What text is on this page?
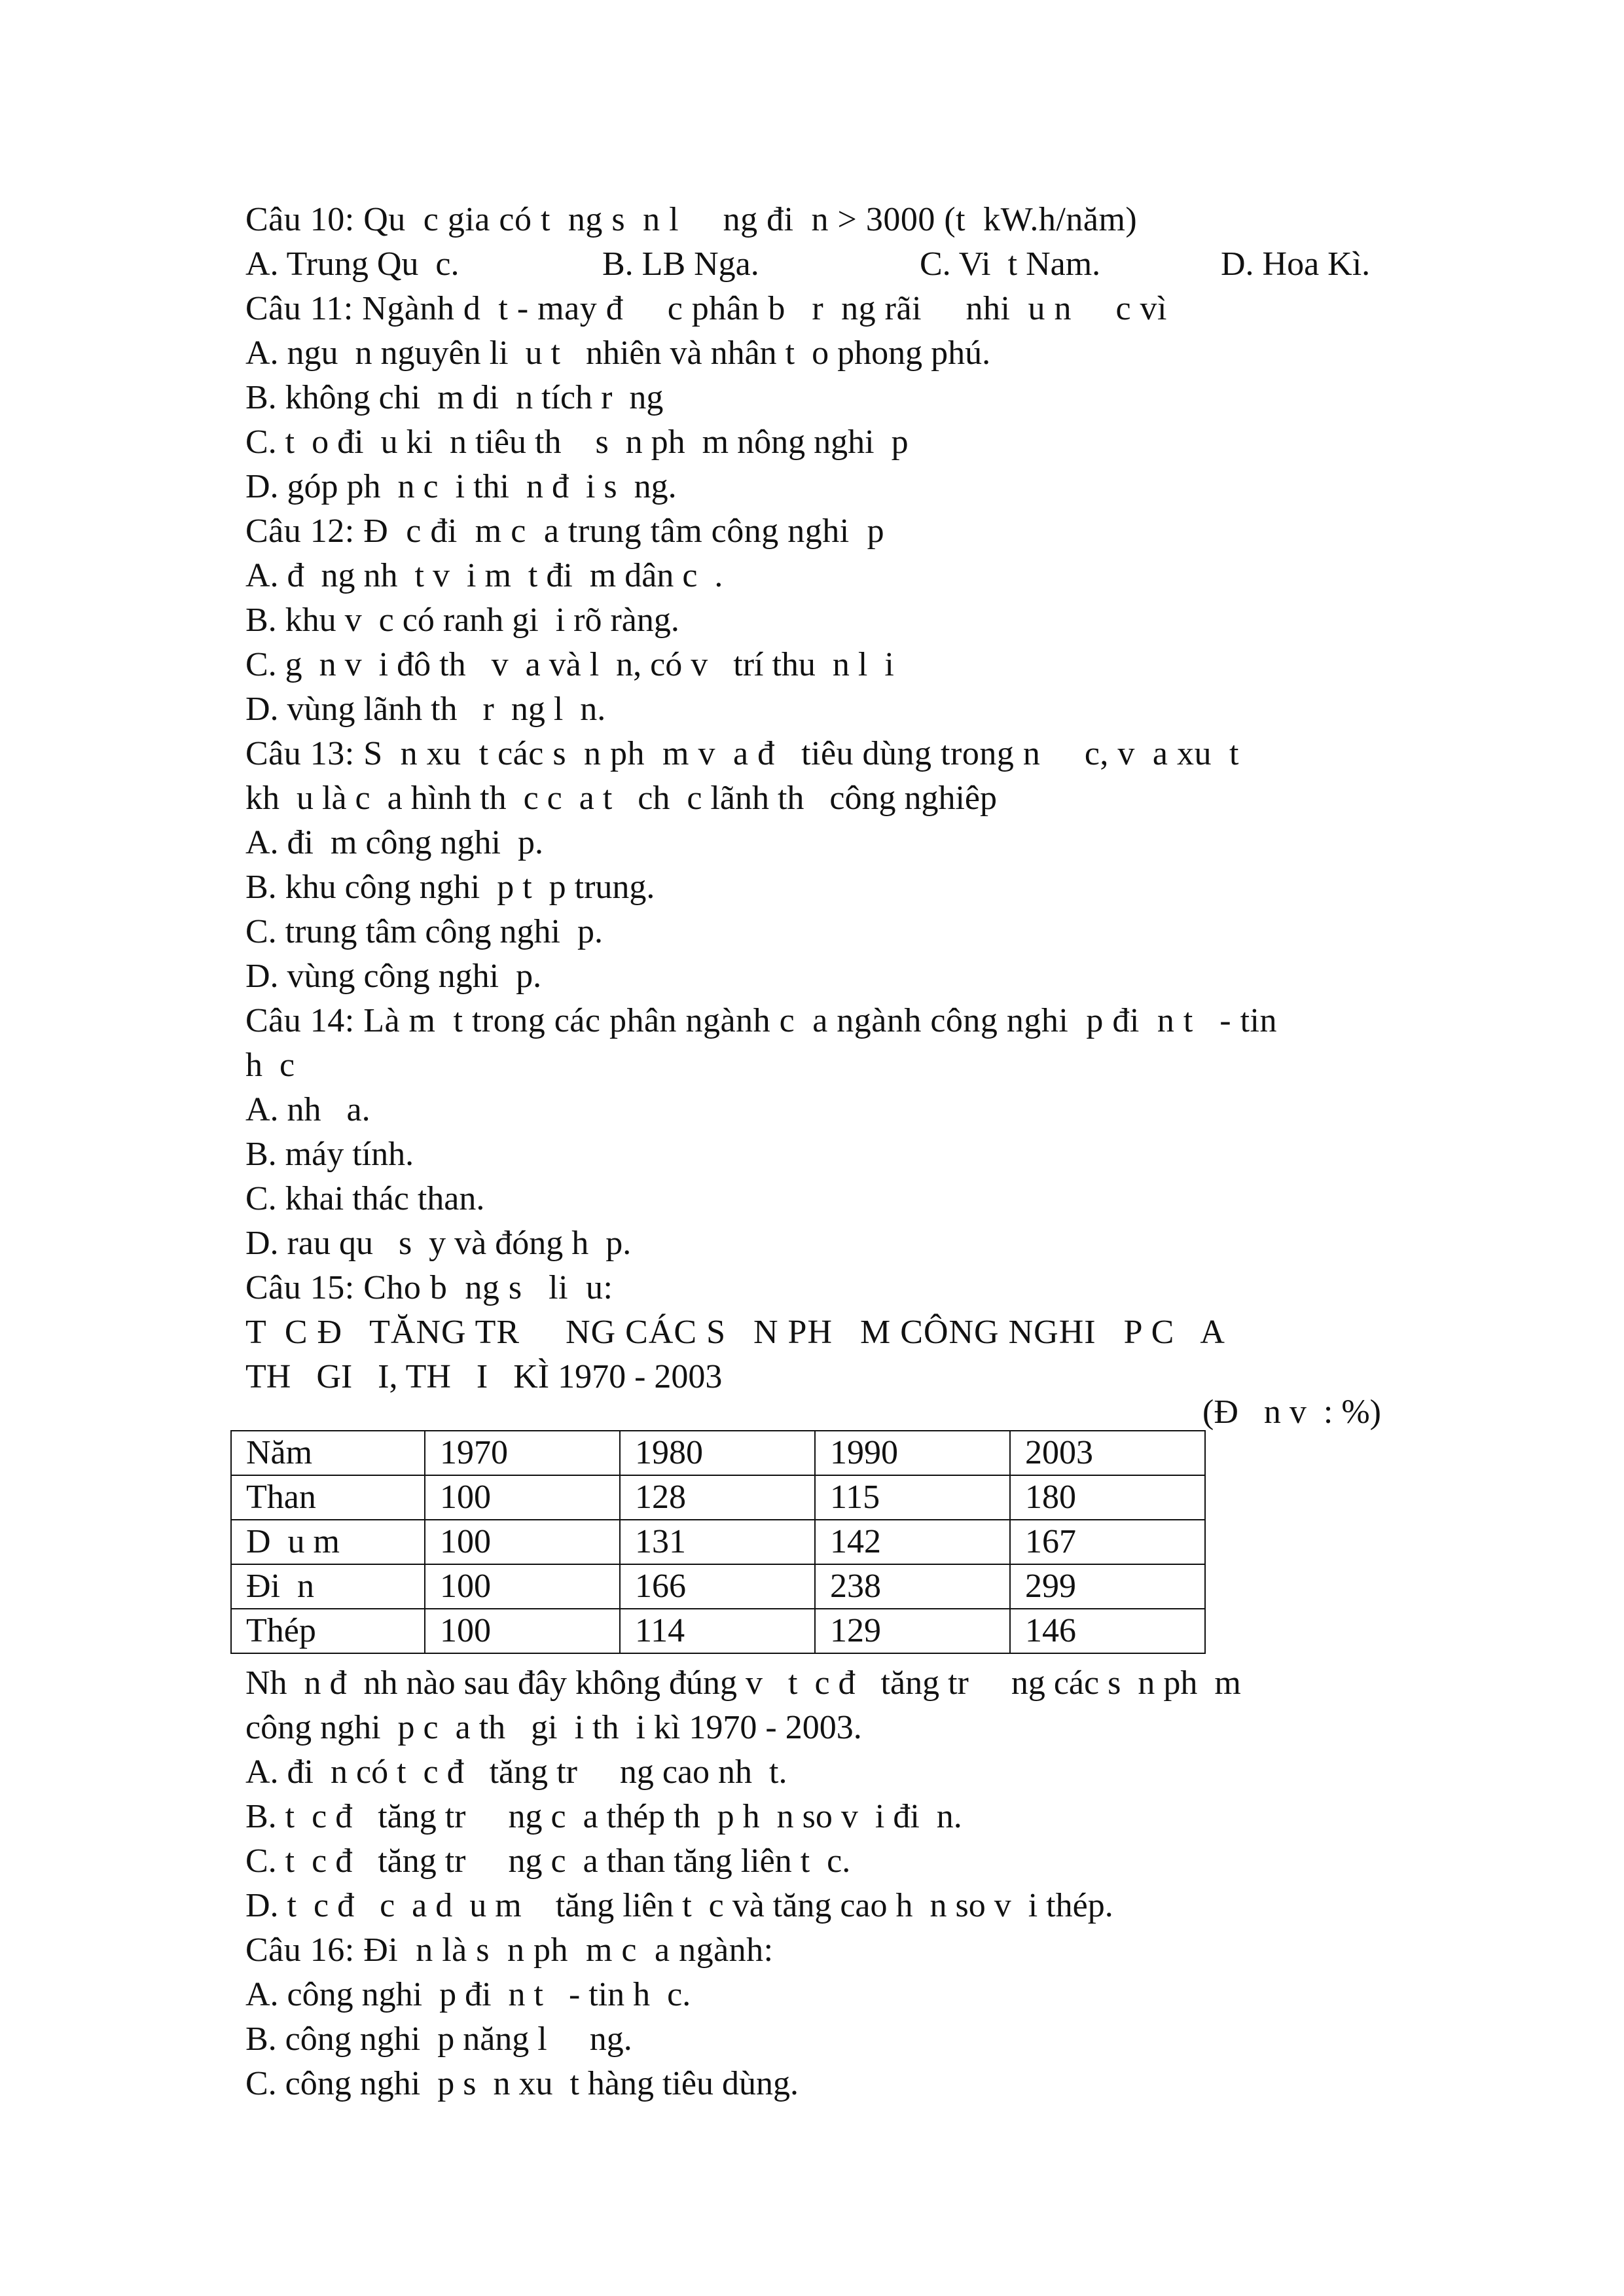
Câu 10: Qu  c gia có t  ng s  n l     ng đi  n > 3000 (t  kW.h/năm)
A. Trung Qu  c.	B. LB Nga.	C. Vi  t Nam.	D. Hoa Kì.
Câu 11: Ngành d  t - may đ     c phân b   r  ng rãi     nhi  u n     c vì
A. ngu  n nguyên li  u t   nhiên và nhân t  o phong phú.
B. không chi  m di  n tích r  ng
C. t  o đi  u ki  n tiêu th    s  n ph  m nông nghi  p
D. góp ph  n c  i thi  n đ  i s  ng.
Câu 12: Đ  c đi  m c  a trung tâm công nghi  p
A. đ  ng nh  t v  i m  t đi  m dân c  .
B. khu v  c có ranh gi  i rõ ràng.
C. g  n v  i đô th   v  a và l  n, có v   trí thu  n l  i
D. vùng lãnh th   r  ng l  n.
Câu 13: S  n xu  t các s  n ph  m v  a đ   tiêu dùng trong n     c, v  a xu  t
kh  u là c  a hình th  c c  a t   ch  c lãnh th   công nghiêp
A. đi  m công nghi  p.
B. khu công nghi  p t  p trung.
C. trung tâm công nghi  p.
D. vùng công nghi  p.
Câu 14: Là m  t trong các phân ngành c  a ngành công nghi  p đi  n t   - tin
h  c
A. nh   a.
B. máy tính.
C. khai thác than.
D. rau qu   s  y và đóng h  p.
Câu 15: Cho b  ng s   li  u:
T  C Đ   TĂNG TR     NG CÁC S   N PH   M CÔNG NGHI   P C   A
TH   GI   I, TH   I   KÌ 1970 - 2003
(Đ   n v  : %)
Năm	1970	1980	1990	2003
Than	100	128	115	180
D  u m	100	131	142	167
Đi  n	100	166	238	299
Thép	100	114	129	146
Nh  n đ  nh nào sau đây không đúng v   t  c đ   tăng tr     ng các s  n ph  m
công nghi  p c  a th   gi  i th  i kì 1970 - 2003.
A. đi  n có t  c đ   tăng tr     ng cao nh  t.
B. t  c đ   tăng tr     ng c  a thép th  p h  n so v  i đi  n.
C. t  c đ   tăng tr     ng c  a than tăng liên t  c.
D. t  c đ   c  a d  u m    tăng liên t  c và tăng cao h  n so v  i thép.
Câu 16: Đi  n là s  n ph  m c  a ngành:
A. công nghi  p đi  n t   - tin h  c.
B. công nghi  p năng l     ng.
C. công nghi  p s  n xu  t hàng tiêu dùng.
